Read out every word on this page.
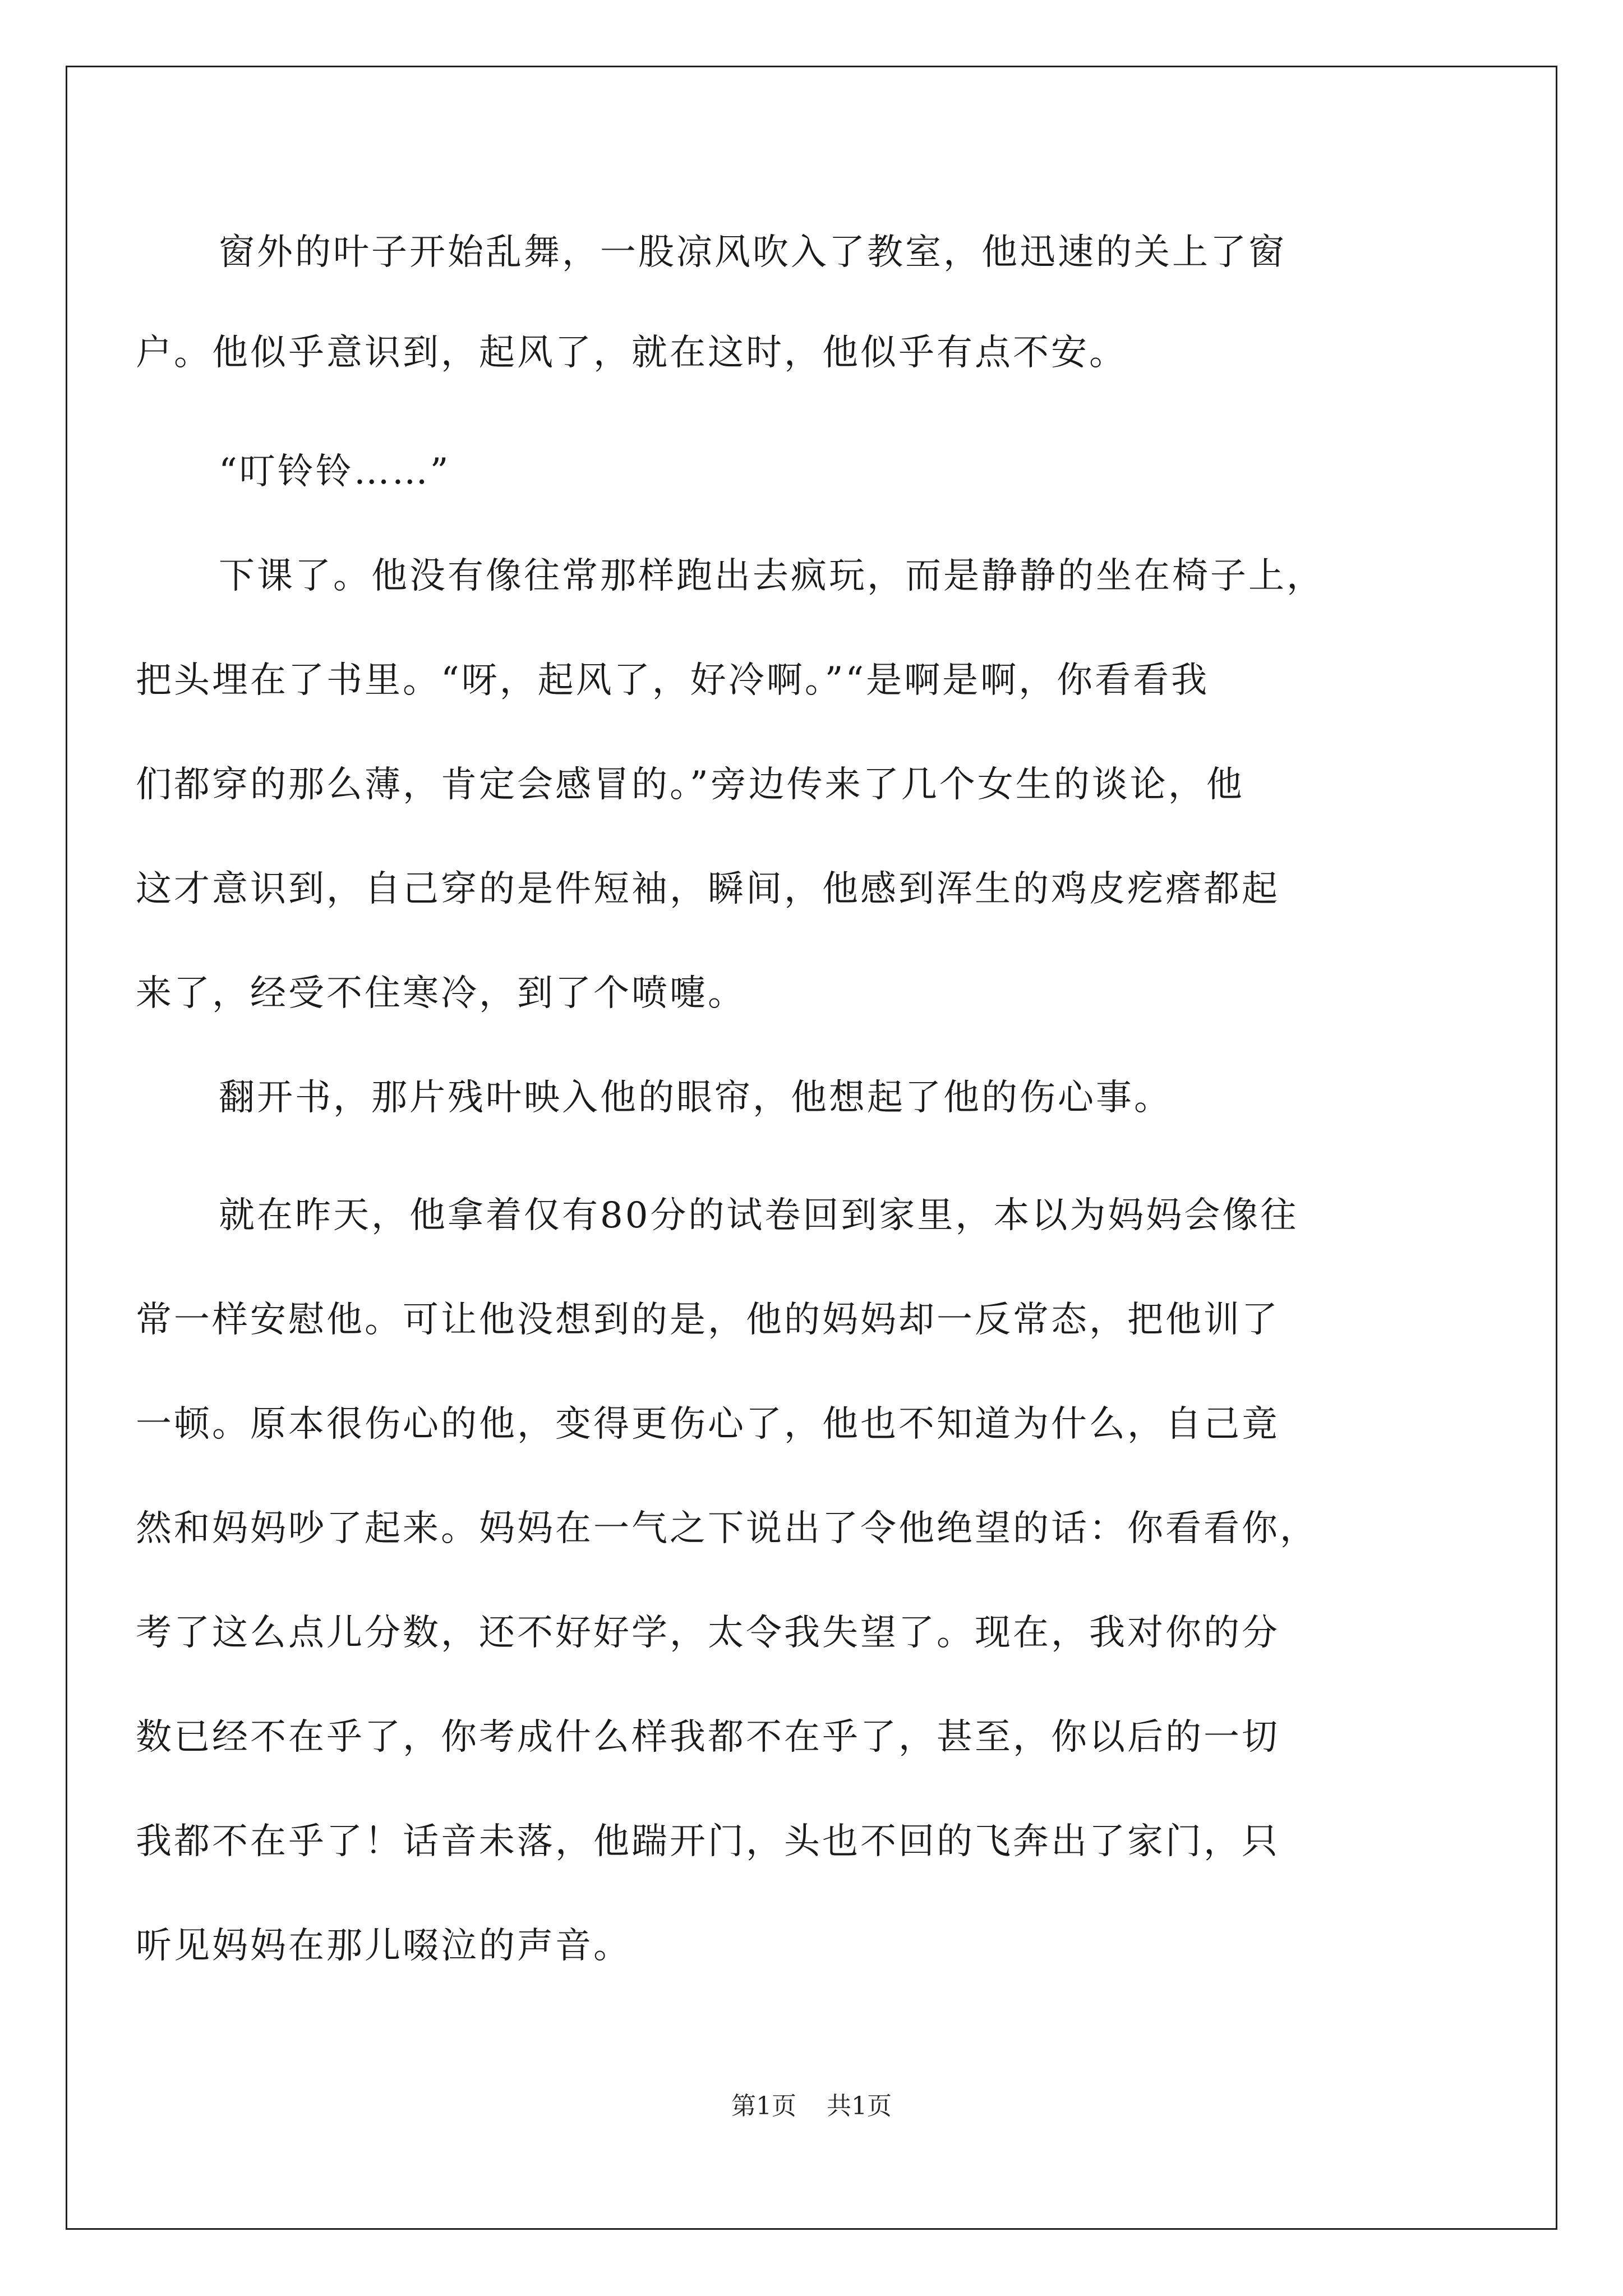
窗外的叶子开始乱舞，一股凉风吹入了教室，他迅速的关上了窗
户。他似乎意识到，起风了，就在这时，他似乎有点不安。
“叮铃铃……”
下课了。他没有像往常那样跑出去疯玩，而是静静的坐在椅子上，
把头埋在了书里。“呀，起风了，好冷啊。”“是啊是啊，你看看我
们都穿的那么薄，肯定会感冒的。”旁边传来了几个女生的谈论，他
这才意识到，自己穿的是件短袖，瞬间，他感到浑生的鸡皮疙瘩都起
来了，经受不住寒冷，到了个喷嚏。
翻开书，那片残叶映入他的眼帘，他想起了他的伤心事。
就在昨天，他拿着仅有80分的试卷回到家里，本以为妈妈会像往
常一样安慰他。可让他没想到的是，他的妈妈却一反常态，把他训了
一顿。原本很伤心的他，变得更伤心了，他也不知道为什么，自己竟
然和妈妈吵了起来。妈妈在一气之下说出了令他绝望的话：你看看你，
考了这么点儿分数，还不好好学，太令我失望了。现在，我对你的分
数已经不在乎了，你考成什么样我都不在乎了，甚至，你以后的一切
我都不在乎了！话音未落，他踹开门，头也不回的飞奔出了家门，只
听见妈妈在那儿啜泣的声音。
第1页 共1页
